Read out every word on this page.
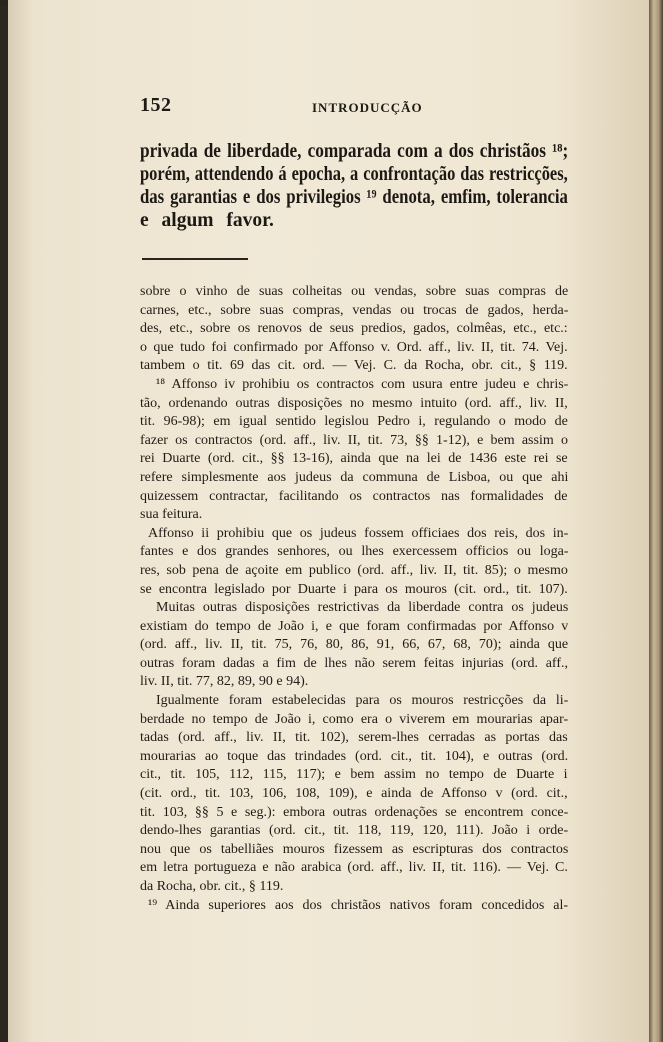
152	INTRODUCÇÃO
privada de liberdade, comparada com a dos christãos ¹⁸;
porém, attendendo á epocha, a confrontação das restricções,
das garantias e dos privilegios ¹⁹ denota, emfim, tolerancia
e algum favor.
sobre o vinho de suas colheitas ou vendas, sobre suas compras de
carnes, etc., sobre suas compras, vendas ou trocas de gados, herda-
des, etc., sobre os renovos de seus predios, gados, colmêas, etc., etc.:
o que tudo foi confirmado por Affonso v. Ord. aff., liv. II, tit. 74. Vej.
tambem o tit. 69 das cit. ord. — Vej. C. da Rocha, obr. cit., § 119.
¹⁸ Affonso iv prohibiu os contractos com usura entre judeu e chris-
tão, ordenando outras disposições no mesmo intuito (ord. aff., liv. II,
tit. 96-98); em igual sentido legislou Pedro i, regulando o modo de
fazer os contractos (ord. aff., liv. II, tit. 73, §§ 1-12), e bem assim o
rei Duarte (ord. cit., §§ 13-16), ainda que na lei de 1436 este rei se
refere simplesmente aos judeus da communa de Lisboa, ou que ahi
quizessem contractar, facilitando os contractos nas formalidades de
sua feitura.
Affonso ii prohibiu que os judeus fossem officiaes dos reis, dos in-
fantes e dos grandes senhores, ou lhes exercessem officios ou loga-
res, sob pena de açoite em publico (ord. aff., liv. II, tit. 85); o mesmo
se encontra legislado por Duarte i para os mouros (cit. ord., tit. 107).
Muitas outras disposições restrictivas da liberdade contra os judeus
existiam do tempo de João i, e que foram confirmadas por Affonso v
(ord. aff., liv. II, tit. 75, 76, 80, 86, 91, 66, 67, 68, 70); ainda que
outras foram dadas a fim de lhes não serem feitas injurias (ord. aff.,
liv. II, tit. 77, 82, 89, 90 e 94).
Igualmente foram estabelecidas para os mouros restricções da li-
berdade no tempo de João i, como era o viverem em mourarias apar-
tadas (ord. aff., liv. II, tit. 102), serem-lhes cerradas as portas das
mourarias ao toque das trindades (ord. cit., tit. 104), e outras (ord.
cit., tit. 105, 112, 115, 117); e bem assim no tempo de Duarte i
(cit. ord., tit. 103, 106, 108, 109), e ainda de Affonso v (ord. cit.,
tit. 103, §§ 5 e seg.): embora outras ordenações se encontrem conce-
dendo-lhes garantias (ord. cit., tit. 118, 119, 120, 111). João i orde-
nou que os tabelliães mouros fizessem as escripturas dos contractos
em letra portugueza e não arabica (ord. aff., liv. II, tit. 116). — Vej. C.
da Rocha, obr. cit., § 119.
¹⁹ Ainda superiores aos dos christãos nativos foram concedidos al-
